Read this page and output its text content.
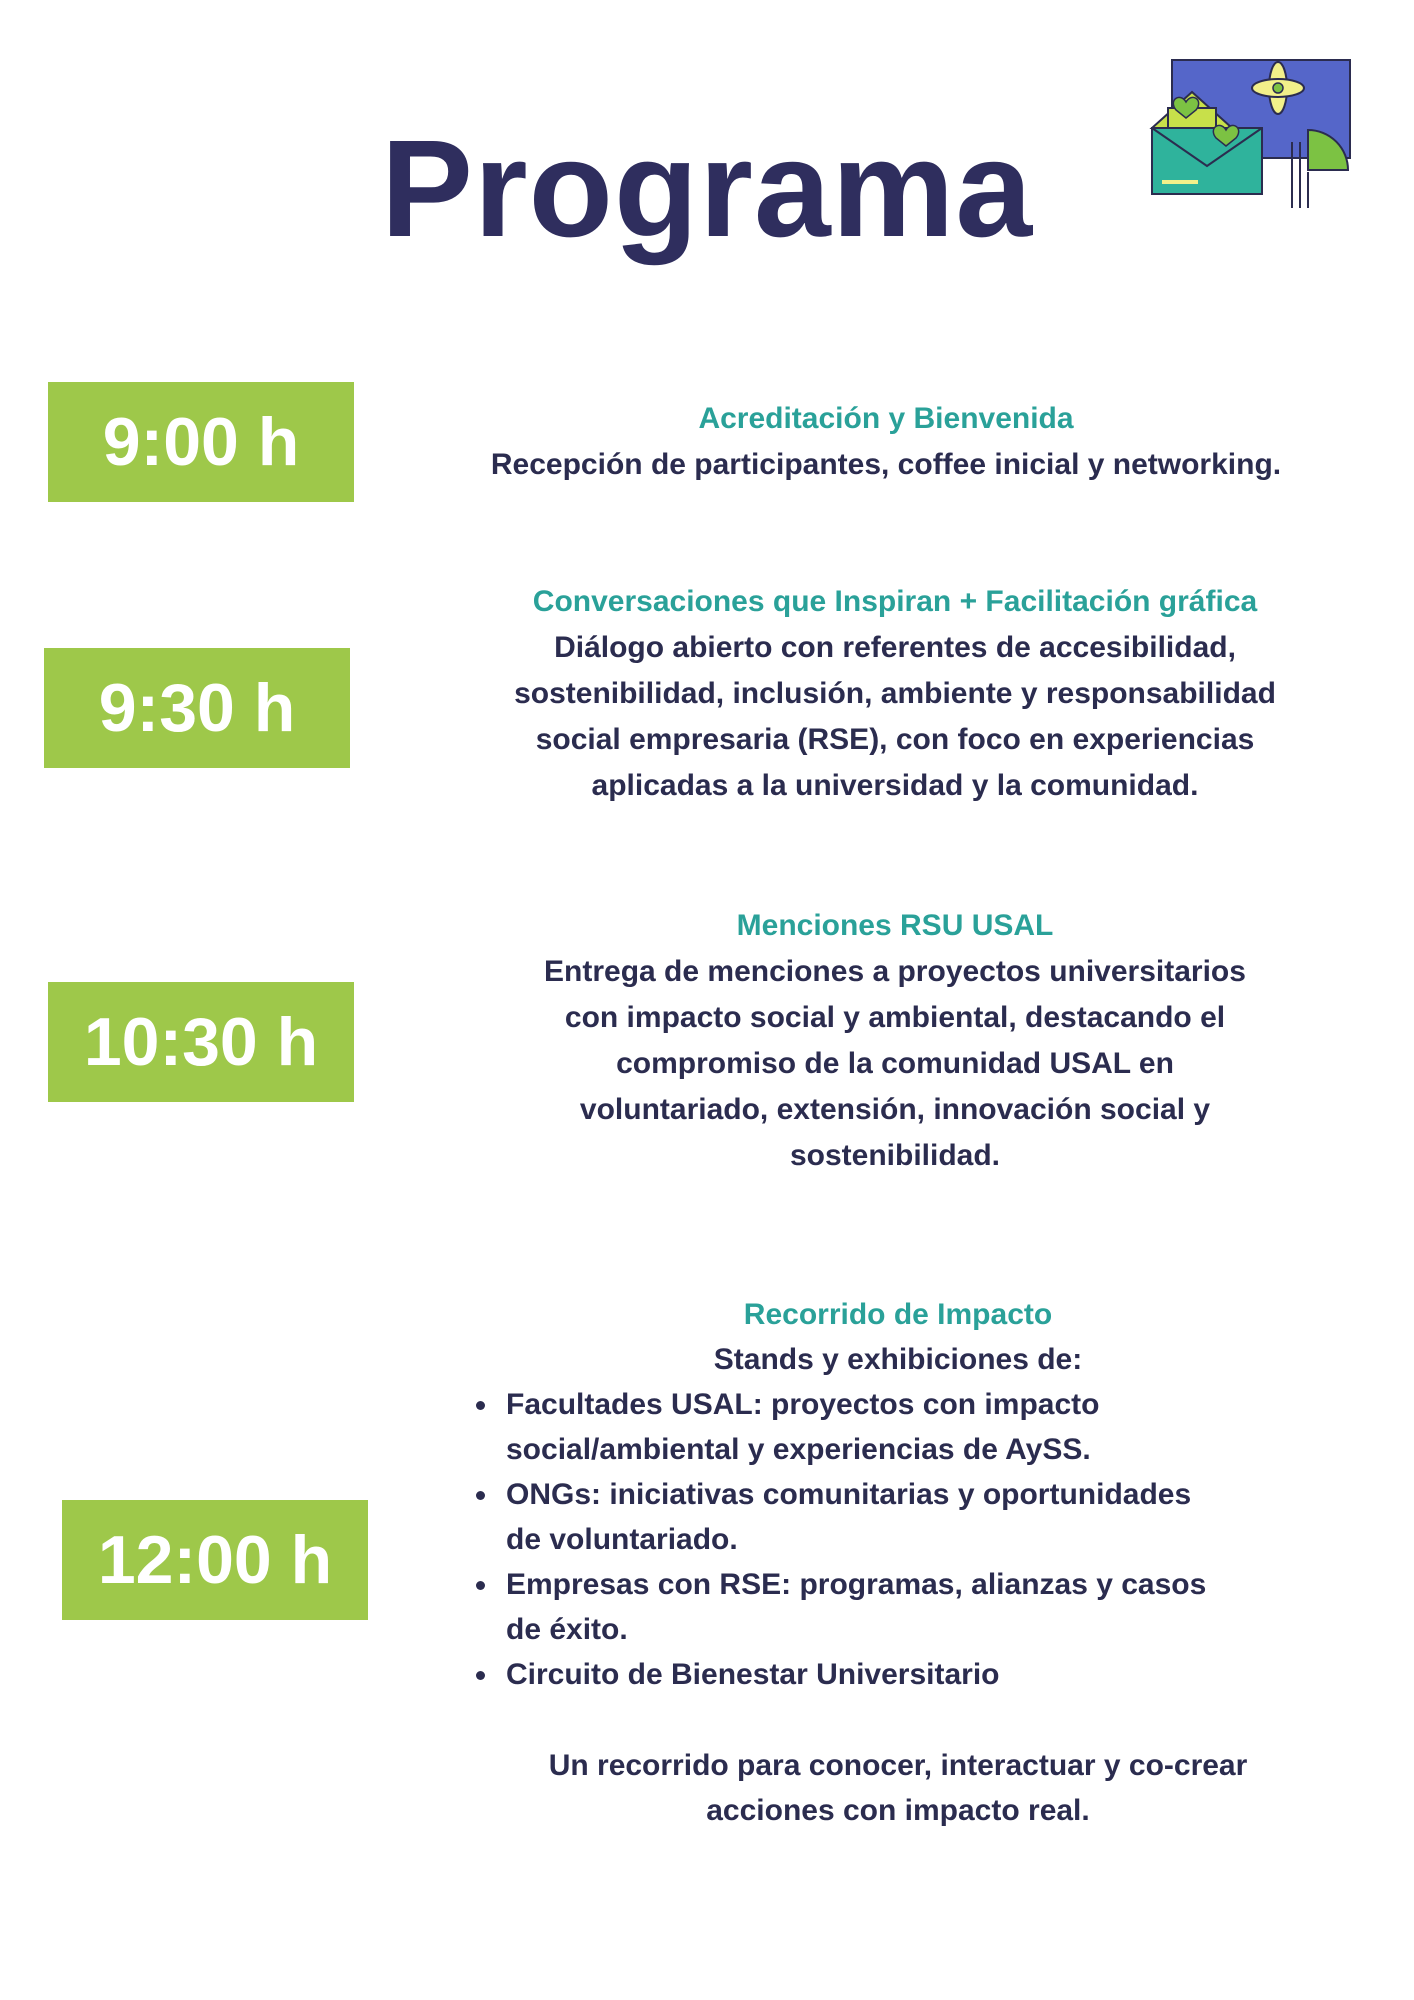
Programa
9:00 h	Acreditación y Bienvenida
Recepción de participantes, coffee inicial y networking.
9:30 h
Conversaciones que Inspiran + Facilitación gráfica
Diálogo abierto con referentes de accesibilidad,
sostenibilidad, inclusión, ambiente y responsabilidad
social empresaria (RSE), con foco en experiencias
aplicadas a la universidad y la comunidad.
10:30 h
Menciones RSU USAL
Entrega de menciones a proyectos universitarios
con impacto social y ambiental, destacando el
compromiso de la comunidad USAL en
voluntariado, extensión, innovación social y
sostenibilidad.
12:00 h
Recorrido de Impacto
Stands y exhibiciones de:
Facultades USAL: proyectos con impacto
social/ambiental y experiencias de AySS.
ONGs: iniciativas comunitarias y oportunidades
de voluntariado.
Empresas con RSE: programas, alianzas y casos
de éxito.
Circuito de Bienestar Universitario
Un recorrido para conocer, interactuar y co-crear
acciones con impacto real.
